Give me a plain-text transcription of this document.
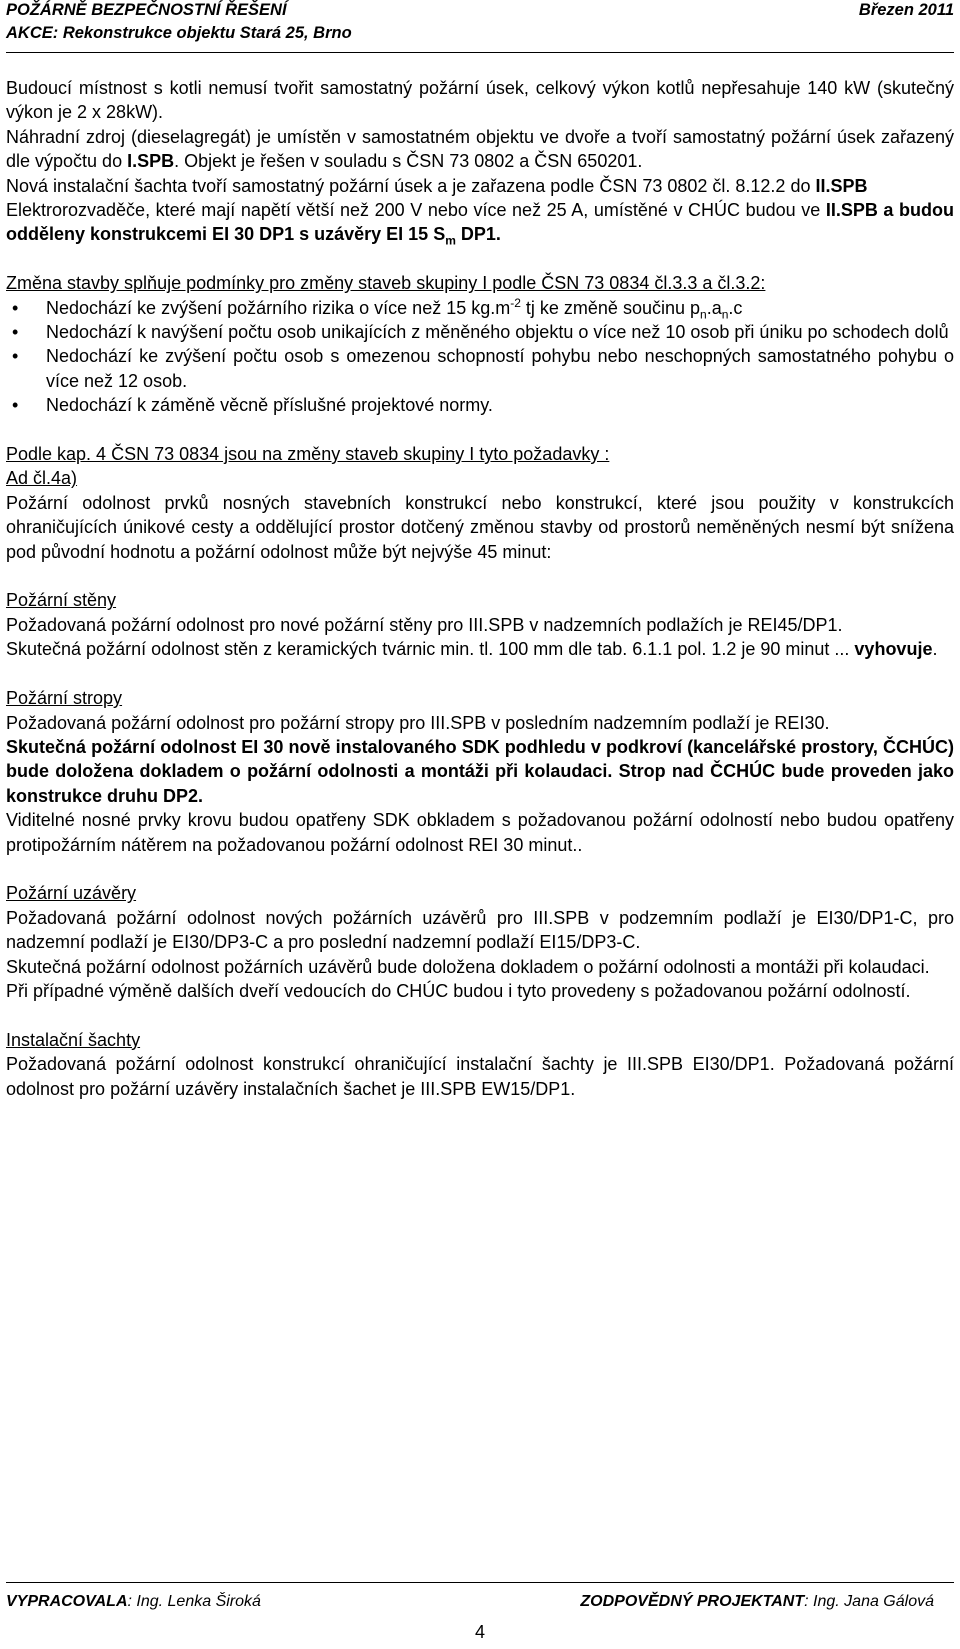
POŽÁRNĚ BEZPEČNOSTNÍ ŘEŠENÍ	Březen 2011
AKCE: Rekonstrukce objektu Stará 25, Brno

Budoucí místnost s kotli nemusí tvořit samostatný požární úsek, celkový výkon kotlů nepřesahuje 140 kW (skutečný výkon je 2 x 28kW).

Náhradní zdroj (dieselagregát) je umístěn v samostatném objektu ve dvoře a tvoří samostatný požární úsek zařazený dle výpočtu do I.SPB. Objekt je řešen v souladu s ČSN 73 0802 a ČSN 650201.

Nová instalační šachta tvoří samostatný požární úsek a je zařazena podle ČSN 73 0802 čl. 8.12.2 do II.SPB

Elektrorozvaděče, které mají napětí větší než 200 V nebo více než 25 A, umístěné v CHÚC budou ve II.SPB a budou odděleny konstrukcemi EI 30 DP1 s uzávěry EI 15 $S_m$ DP1.

Změna stavby splňuje podmínky pro změny staveb skupiny I podle ČSN 73 0834 čl.3.3 a čl.3.2:

• Nedochází ke zvýšení požárního rizika o více než 15 $kg.m^{-2}$ tj ke změně součinu $p_n.a_n.c$
• Nedochází k navýšení počtu osob unikajících z měněného objektu o více než 10 osob při úniku po schodech dolů
• Nedochází ke zvýšení počtu osob s omezenou schopností pohybu nebo neschopných samostatného pohybu o více než 12 osob.
• Nedochází k záměně věcně příslušné projektové normy.

Podle kap. 4 ČSN 73 0834 jsou na změny staveb skupiny I tyto požadavky :

Ad čl.4a)

Požární odolnost prvků nosných stavebních konstrukcí nebo konstrukcí, které jsou použity v konstrukcích ohraničujících únikové cesty a oddělující prostor dotčený změnou stavby od prostorů neměněných nesmí být snížena pod původní hodnotu a požární odolnost může být nejvýše 45 minut:

Požární stěny

Požadovaná požární odolnost pro nové požární stěny pro III.SPB v nadzemních podlažích je REI45/DP1.

Skutečná požární odolnost stěn z keramických tvárnic min. tl. 100 mm dle tab. 6.1.1 pol. 1.2 je 90 minut ... vyhovuje.

Požární stropy

Požadovaná požární odolnost pro požární stropy pro III.SPB v posledním nadzemním podlaží je REI30.

Skutečná požární odolnost EI 30 nově instalovaného SDK podhledu v podkroví (kancelářské prostory, ČCHÚC) bude doložena dokladem o požární odolnosti a montáži při kolaudaci. Strop nad ČCHÚC bude proveden jako konstrukce druhu DP2.

Viditelné nosné prvky krovu budou opatřeny SDK obkladem s požadovanou požární odolností nebo budou opatřeny protipožárním nátěrem na požadovanou požární odolnost REI 30 minut..

Požární uzávěry

Požadovaná požární odolnost nových požárních uzávěrů pro III.SPB v podzemním podlaží je EI30/DP1-C, pro nadzemní podlaží je EI30/DP3-C a pro poslední nadzemní podlaží EI15/DP3-C.

Skutečná požární odolnost požárních uzávěrů bude doložena dokladem o požární odolnosti a montáži při kolaudaci.

Při případné výměně dalších dveří vedoucích do CHÚC budou i tyto provedeny s požadovanou požární odolností.

Instalační šachty

Požadovaná požární odolnost konstrukcí ohraničující instalační šachty je III.SPB EI30/DP1. Požadovaná požární odolnost pro požární uzávěry instalačních šachet je III.SPB EW15/DP1.

VYPRACOVALA: Ing. Lenka Široká	ZODPOVĚDNÝ PROJEKTANT: Ing. Jana Gálová
4
